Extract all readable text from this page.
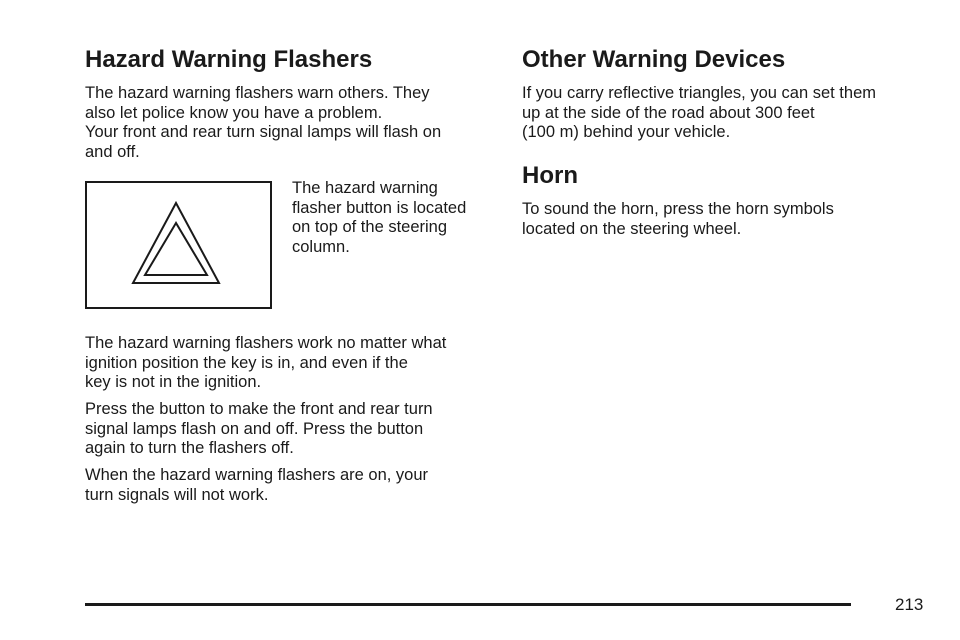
Hazard Warning Flashers

The hazard warning flashers warn others. They
also let police know you have a problem.
Your front and rear turn signal lamps will flash on
and off.

The hazard warning
flasher button is located
on top of the steering
column.

The hazard warning flashers work no matter what
ignition position the key is in, and even if the
key is not in the ignition.

Press the button to make the front and rear turn
signal lamps flash on and off. Press the button
again to turn the flashers off.

When the hazard warning flashers are on, your
turn signals will not work.

Other Warning Devices

If you carry reflective triangles, you can set them
up at the side of the road about 300 feet
(100 m) behind your vehicle.

Horn

To sound the horn, press the horn symbols
located on the steering wheel.

213
